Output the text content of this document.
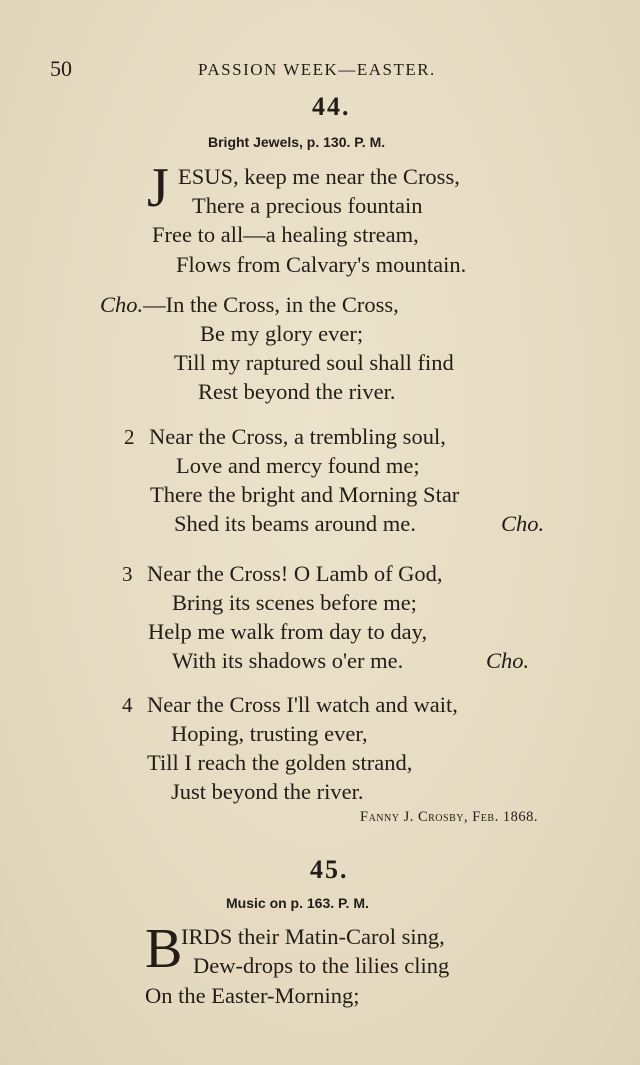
50	PASSION WEEK—EASTER.
44.
Bright Jewels, p. 130. P. M.
J ESUS, keep me near the Cross,
There a precious fountain
Free to all—a healing stream,
Flows from Calvary's mountain.
Cho.—In the Cross, in the Cross,
Be my glory ever;
Till my raptured soul shall find
Rest beyond the river.
2 Near the Cross, a trembling soul,
Love and mercy found me;
There the bright and Morning Star
Shed its beams around me.	Cho.
3 Near the Cross! O Lamb of God,
Bring its scenes before me;
Help me walk from day to day,
With its shadows o'er me.	Cho.
4 Near the Cross I'll watch and wait,
Hoping, trusting ever,
Till I reach the golden strand,
Just beyond the river.
Fanny J. Crosby, Feb. 1868.
45.
Music on p. 163. P. M.
B
IRDS their Matin-Carol sing,
Dew-drops to the lilies cling
On the Easter-Morning;
